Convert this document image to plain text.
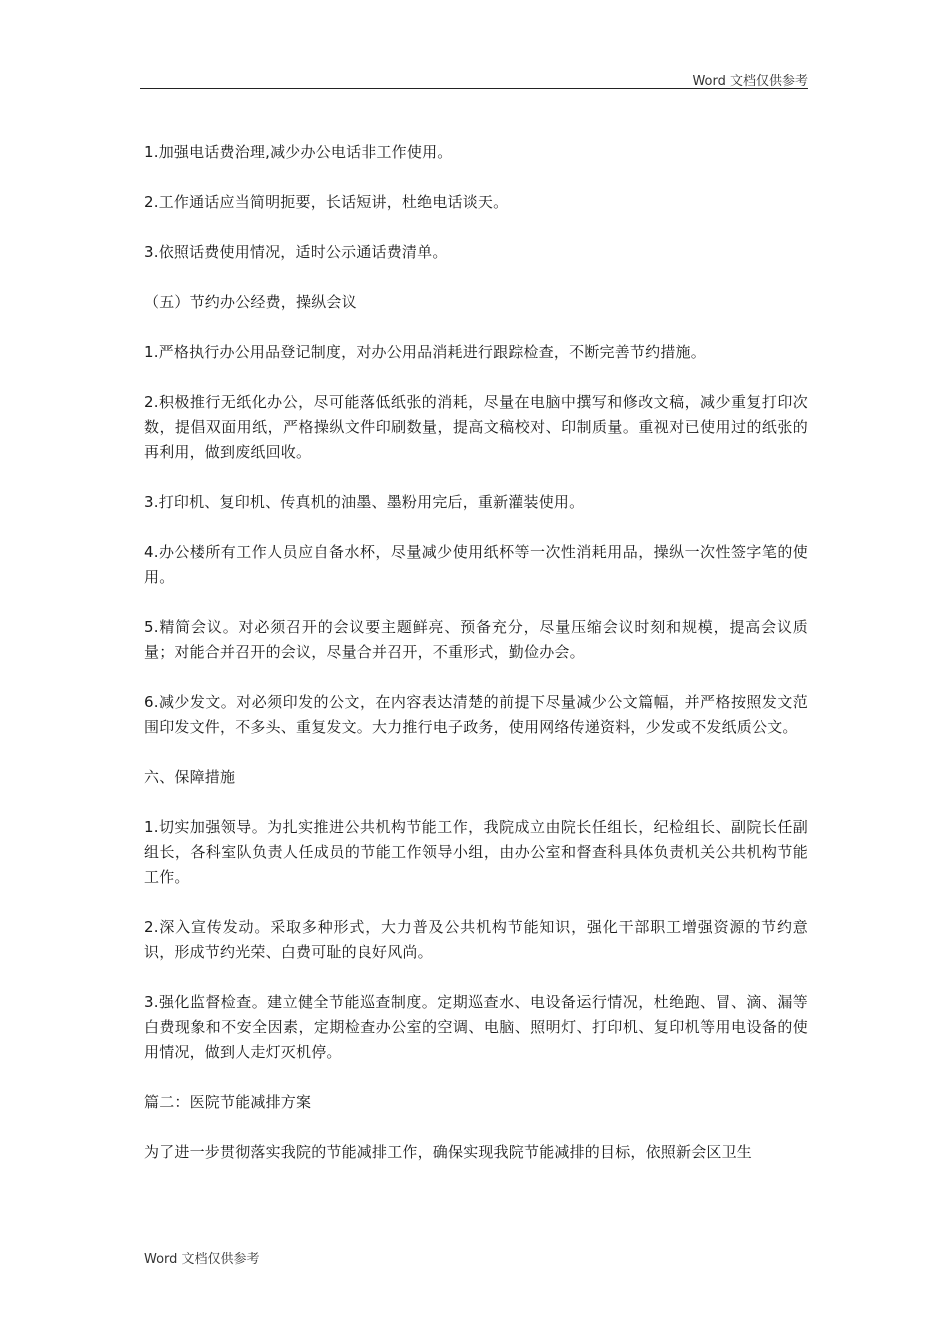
Word 文档仅供参考

1.加强电话费治理,减少办公电话非工作使用。

2.工作通话应当简明扼要，长话短讲，杜绝电话谈天。

3.依照话费使用情况，适时公示通话费清单。

（五）节约办公经费，操纵会议

1.严格执行办公用品登记制度，对办公用品消耗进行跟踪检查，不断完善节约措施。

2.积极推行无纸化办公，尽可能落低纸张的消耗，尽量在电脑中撰写和修改文稿，减少重复打印次数，提倡双面用纸，严格操纵文件印刷数量，提高文稿校对、印制质量。重视对已使用过的纸张的再利用，做到废纸回收。

3.打印机、复印机、传真机的油墨、墨粉用完后，重新灌装使用。

4.办公楼所有工作人员应自备水杯，尽量减少使用纸杯等一次性消耗用品，操纵一次性签字笔的使用。

5.精简会议。对必须召开的会议要主题鲜亮、预备充分，尽量压缩会议时刻和规模，提高会议质量；对能合并召开的会议，尽量合并召开，不重形式，勤俭办会。

6.减少发文。对必须印发的公文，在内容表达清楚的前提下尽量减少公文篇幅，并严格按照发文范围印发文件，不多头、重复发文。大力推行电子政务，使用网络传递资料，少发或不发纸质公文。

六、保障措施

1.切实加强领导。为扎实推进公共机构节能工作，我院成立由院长任组长，纪检组长、副院长任副组长，各科室队负责人任成员的节能工作领导小组，由办公室和督查科具体负责机关公共机构节能工作。

2.深入宣传发动。采取多种形式，大力普及公共机构节能知识，强化干部职工增强资源的节约意识，形成节约光荣、白费可耻的良好风尚。

3.强化监督检查。建立健全节能巡查制度。定期巡查水、电设备运行情况，杜绝跑、冒、滴、漏等白费现象和不安全因素，定期检查办公室的空调、电脑、照明灯、打印机、复印机等用电设备的使用情况，做到人走灯灭机停。

篇二：医院节能减排方案

为了进一步贯彻落实我院的节能减排工作，确保实现我院节能减排的目标，依照新会区卫生

Word 文档仅供参考
